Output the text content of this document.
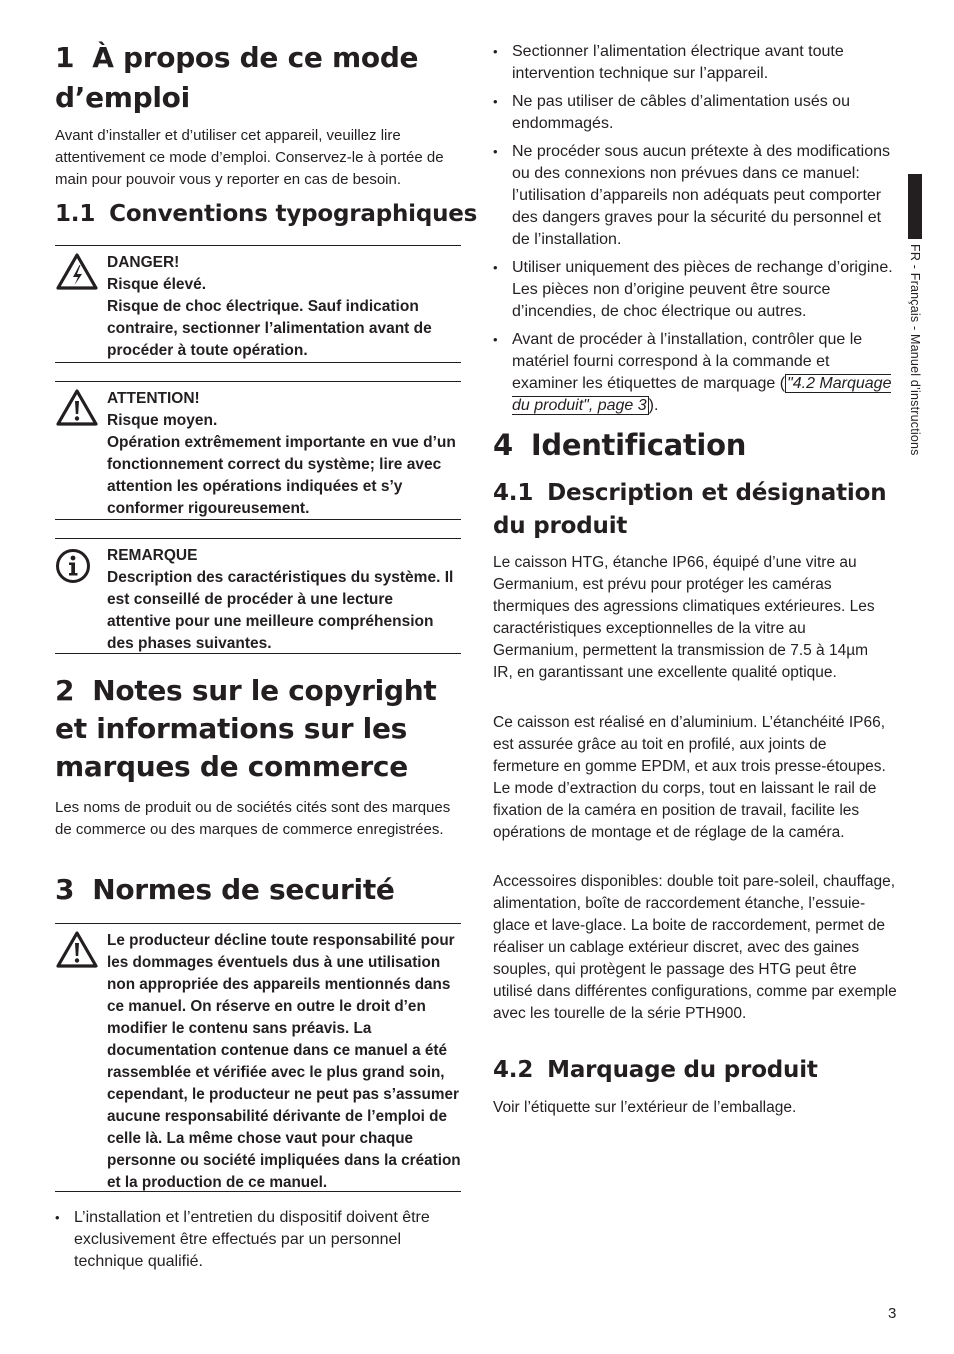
1 À propos de ce mode
d’emploi

Avant d’installer et d’utiliser cet appareil, veuillez lire attentivement ce mode d’emploi. Conservez-le à portée de main pour pouvoir vous y reporter en cas de besoin.

1.1 Conventions typographiques
DANGER!
Risque élevé.
Risque de choc électrique. Sauf indication contraire, sectionner l’alimentation avant de procéder à toute opération.
ATTENTION!
Risque moyen.
Opération extrêmement importante en vue d’un fonctionnement correct du système; lire avec attention les opérations indiquées et s’y conformer rigoureusement.
REMARQUE
Description des caractéristiques du système. Il est conseillé de procéder à une lecture attentive pour une meilleure compréhension des phases suivantes.
2 Notes sur le copyright
et informations sur les
marques de commerce

Les noms de produit ou de sociétés cités sont des marques de commerce ou des marques de commerce enregistrées.

3 Normes de securité
Le producteur décline toute responsabilité pour les dommages éventuels dus à une utilisation non appropriée des appareils mentionnés dans ce manuel. On réserve en outre le droit d’en modifier le contenu sans préavis. La documentation contenue dans ce manuel a été rassemblée et vérifiée avec le plus grand soin, cependant, le producteur ne peut pas s’assumer aucune responsabilité dérivante de l’emploi de celle là. La même chose vaut pour chaque personne ou société impliquées dans la création et la production de ce manuel.
• L’installation et l’entretien du dispositif doivent être exclusivement être effectués par un personnel technique qualifié.
• Sectionner l’alimentation électrique avant toute intervention technique sur l’appareil.
• Ne pas utiliser de câbles d’alimentation usés ou endommagés.
• Ne procéder sous aucun prétexte à des modifications ou des connexions non prévues dans ce manuel: l’utilisation d’appareils non adéquats peut comporter des dangers graves pour la sécurité du personnel et de l’installation.
• Utiliser uniquement des pièces de rechange d’origine. Les pièces non d’origine peuvent être source d’incendies, de choc électrique ou autres.
• Avant de procéder à l’installation, contrôler que le matériel fourni correspond à la commande et examiner les étiquettes de marquage ( "4.2 Marquage du produit", page 3 ).
4 Identification
4.1 Description et désignation
du produit

Le caisson HTG, étanche IP66, équipé d’une vitre au Germanium, est prévu pour protéger les caméras thermiques des agressions climatiques extérieures. Les caractéristiques exceptionnelles de la vitre au Germanium, permettent la transmission de 7.5 à 14µm IR, en garantissant une excellente qualité optique.

Ce caisson est réalisé en d’aluminium. L’étanchéité IP66, est assurée grâce au toit en profilé, aux joints de fermeture en gomme EPDM, et aux trois presse-étoupes. Le mode d’extraction du corps, tout en laissant le rail de fixation de la caméra en position de travail, facilite les opérations de montage et de réglage de la caméra.

Accessoires disponibles: double toit pare-soleil, chauffage, alimentation, boîte de raccordement étanche, l’essuie-glace et lave-glace. La boite de raccordement, permet de réaliser un cablage extérieur discret, avec des gaines souples, qui protègent le passage des HTG peut être utilisé dans différentes configurations, comme par exemple avec les tourelle de la série PTH900.

4.2 Marquage du produit

Voir l’étiquette sur l’extérieur de l’emballage.

FR - Français - Manuel d’instructions
3
